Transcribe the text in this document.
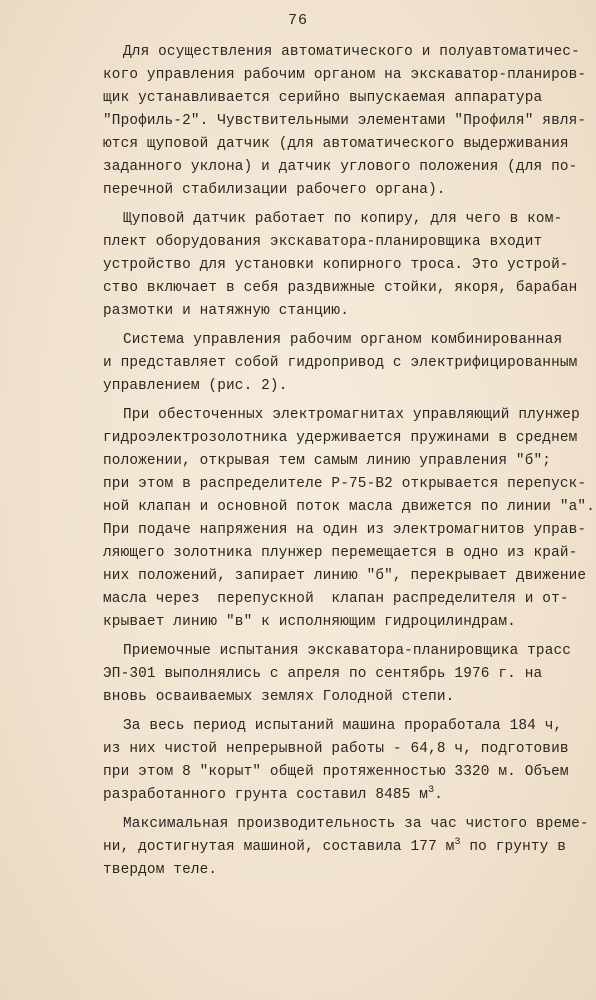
76
Для осуществления автоматического и полуавтоматичес-
кого управления рабочим органом на экскаватор-планиров-
щик устанавливается серийно выпускаемая аппаратура
"Профиль-2". Чувствительными элементами "Профиля" явля-
ются щуповой датчик (для автоматического выдерживания
заданного уклона) и датчик углового положения (для по-
перечной стабилизации рабочего органа).
Щуповой датчик работает по копиру, для чего в ком-
плект оборудования экскаватора-планировщика входит
устройство для установки копирного троса. Это устрой-
ство включает в себя раздвижные стойки, якоря, барабан
размотки и натяжную станцию.
Система управления рабочим органом комбинированная
и представляет собой гидропривод с электрифицированным
управлением (рис. 2).
При обесточенных электромагнитах управляющий плунжер
гидроэлектрозолотника удерживается пружинами в среднем
положении, открывая тем самым линию управления "б";
при этом в распределителе Р-75-В2 открывается перепуск-
ной клапан и основной поток масла движется по линии "а".
При подаче напряжения на один из электромагнитов управ-
ляющего золотника плунжер перемещается в одно из край-
них положений, запирает линию "б", перекрывает движение
масла через  перепускной  клапан распределителя и от-
крывает линию "в" к исполняющим гидроцилиндрам.
Приемочные испытания экскаватора-планировщика трасс
ЭП-301 выполнялись с апреля по сентябрь 1976 г. на
вновь осваиваемых землях Голодной степи.
За весь период испытаний машина проработала 184 ч,
из них чистой непрерывной работы - 64,8 ч, подготовив
при этом 8 "корыт" общей протяженностью 3320 м. Объем
разработанного грунта составил 8485 $м^3$.
Максимальная производительность за час чистого време-
ни, достигнутая машиной, составила 177 $м^3$ по грунту в
твердом теле.
